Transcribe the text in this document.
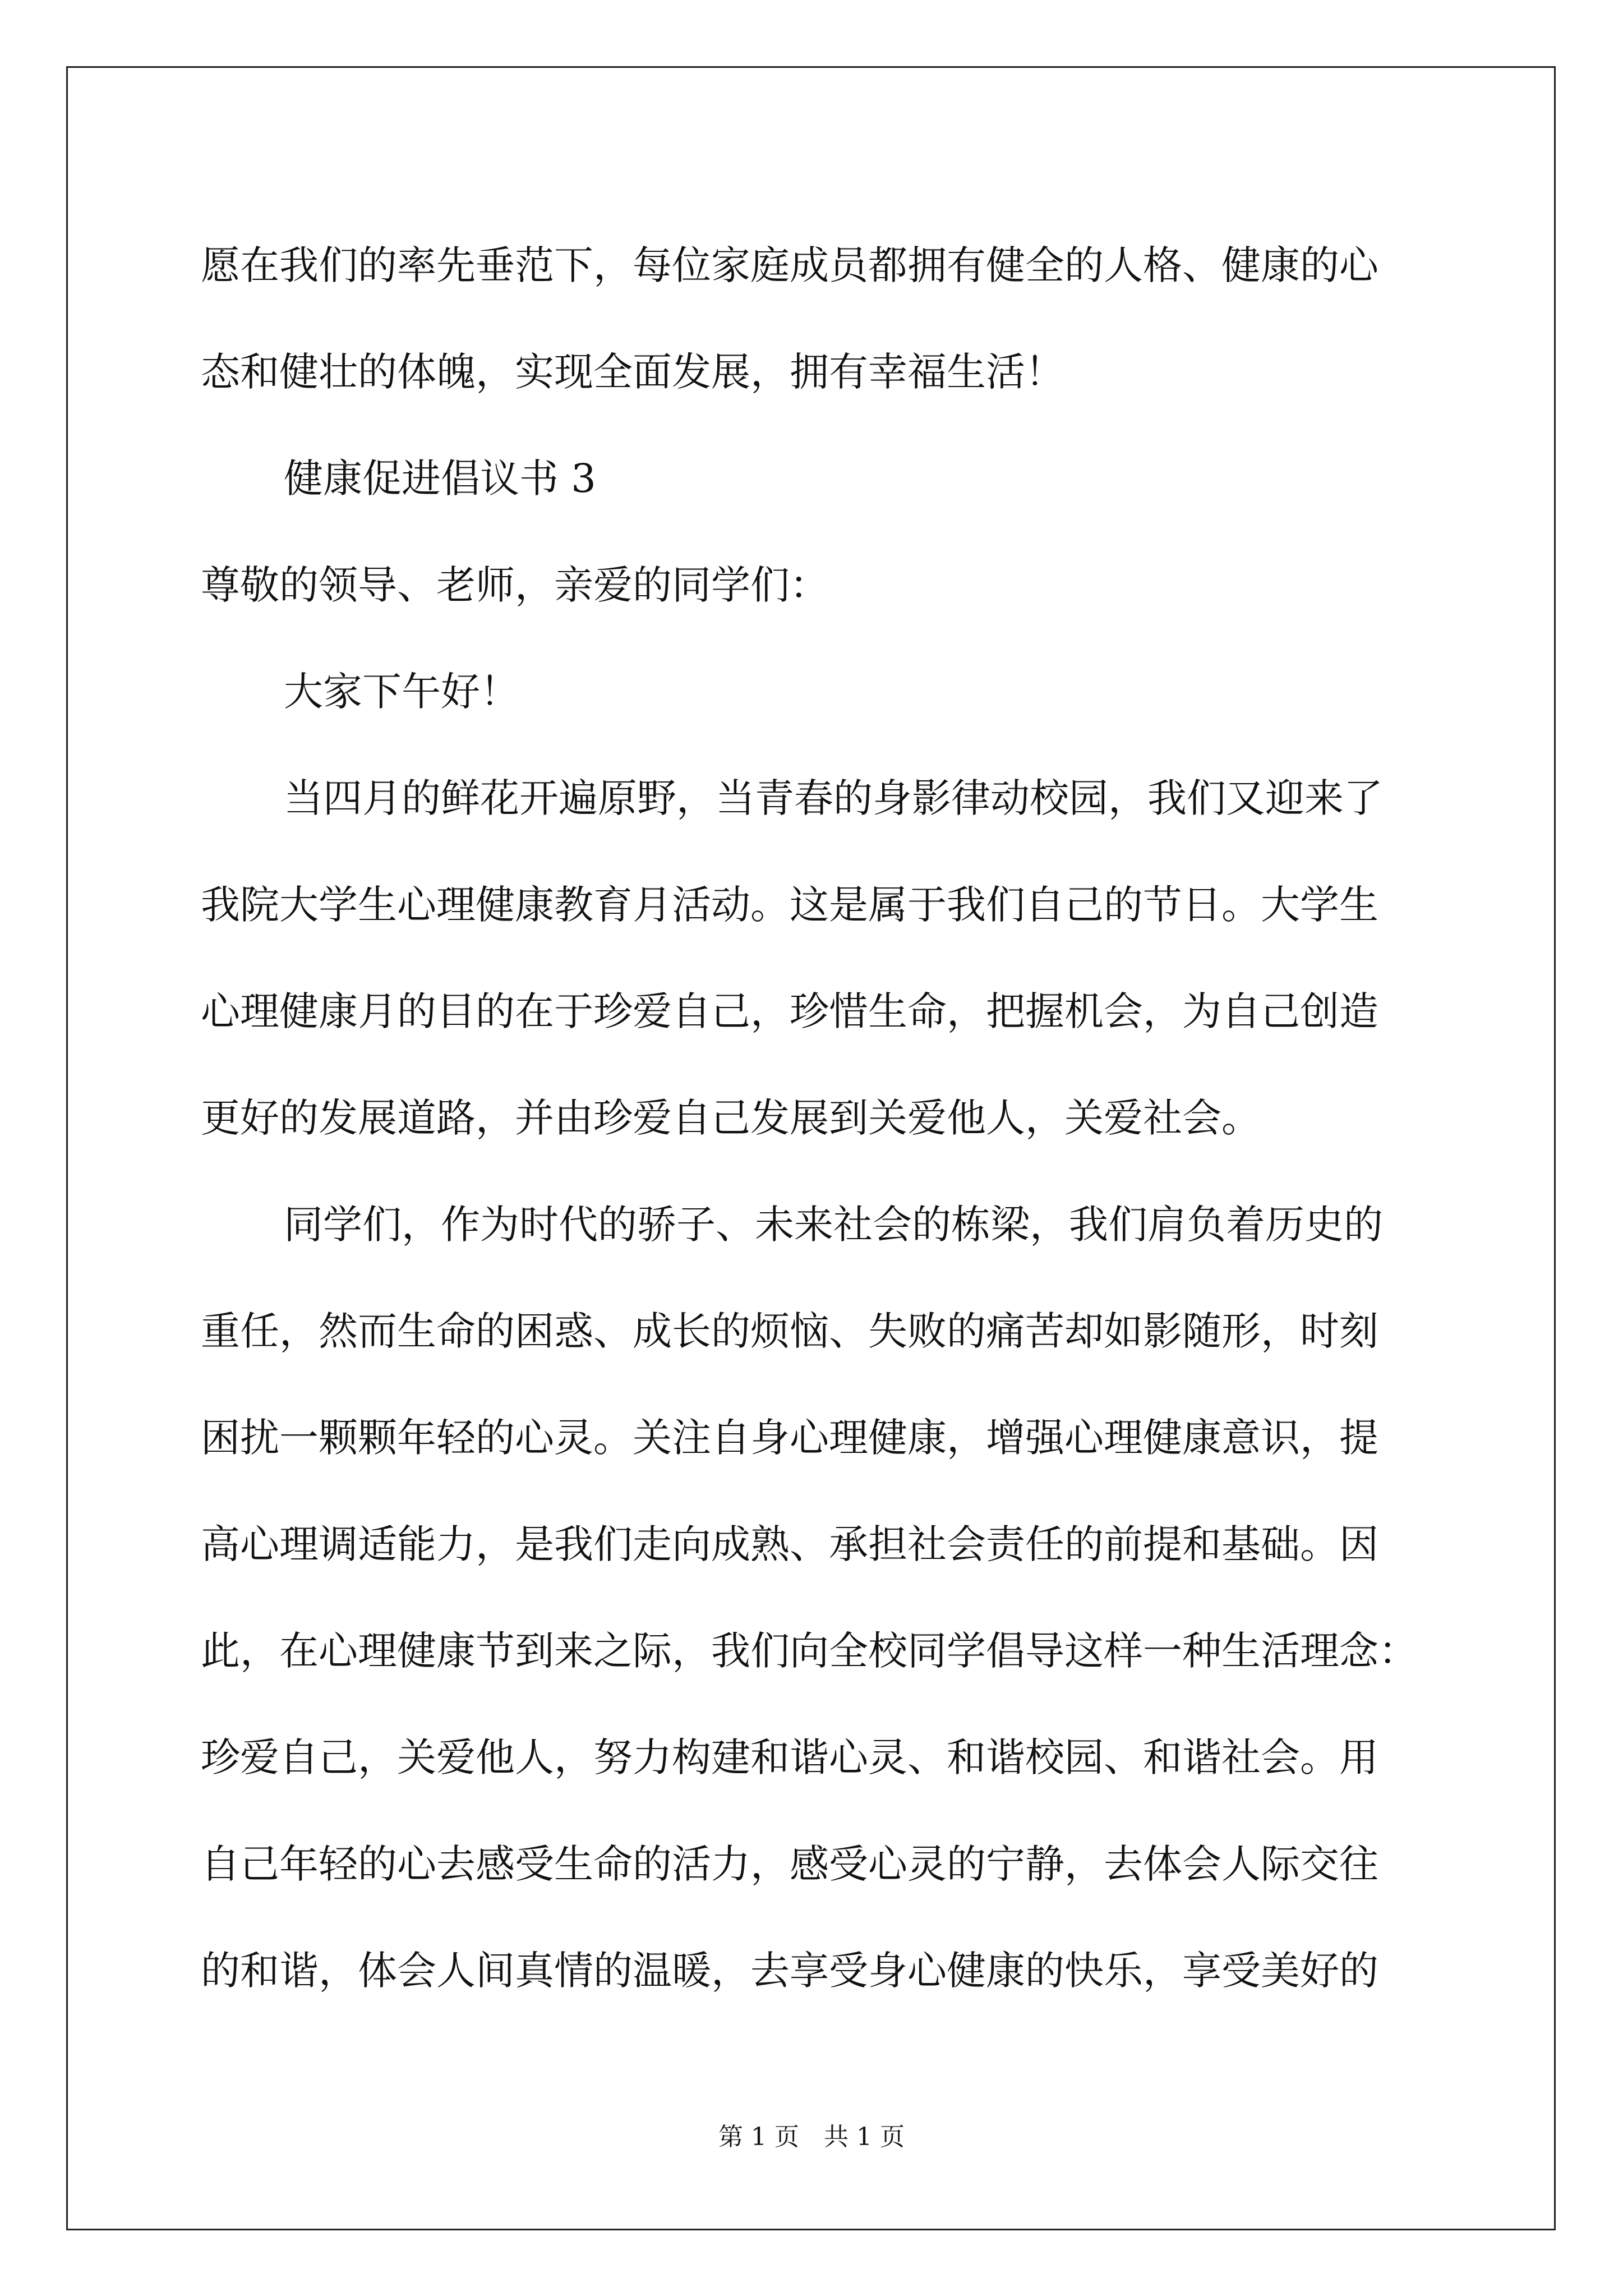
愿在我们的率先垂范下，每位家庭成员都拥有健全的人格、健康的心
态和健壮的体魄，实现全面发展，拥有幸福生活！
健康促进倡议书 3
尊敬的领导、老师，亲爱的同学们：
大家下午好！
当四月的鲜花开遍原野，当青春的身影律动校园，我们又迎来了
我院大学生心理健康教育月活动。这是属于我们自己的节日。大学生
心理健康月的目的在于珍爱自己，珍惜生命，把握机会，为自己创造
更好的发展道路，并由珍爱自己发展到关爱他人，关爱社会。
同学们，作为时代的骄子、未来社会的栋梁，我们肩负着历史的
重任，然而生命的困惑、成长的烦恼、失败的痛苦却如影随形，时刻
困扰一颗颗年轻的心灵。关注自身心理健康，增强心理健康意识，提
高心理调适能力，是我们走向成熟、承担社会责任的前提和基础。因
此，在心理健康节到来之际，我们向全校同学倡导这样一种生活理念：
珍爱自己，关爱他人，努力构建和谐心灵、和谐校园、和谐社会。用
自己年轻的心去感受生命的活力，感受心灵的宁静，去体会人际交往
的和谐，体会人间真情的温暖，去享受身心健康的快乐，享受美好的
第 1 页　共 1 页
